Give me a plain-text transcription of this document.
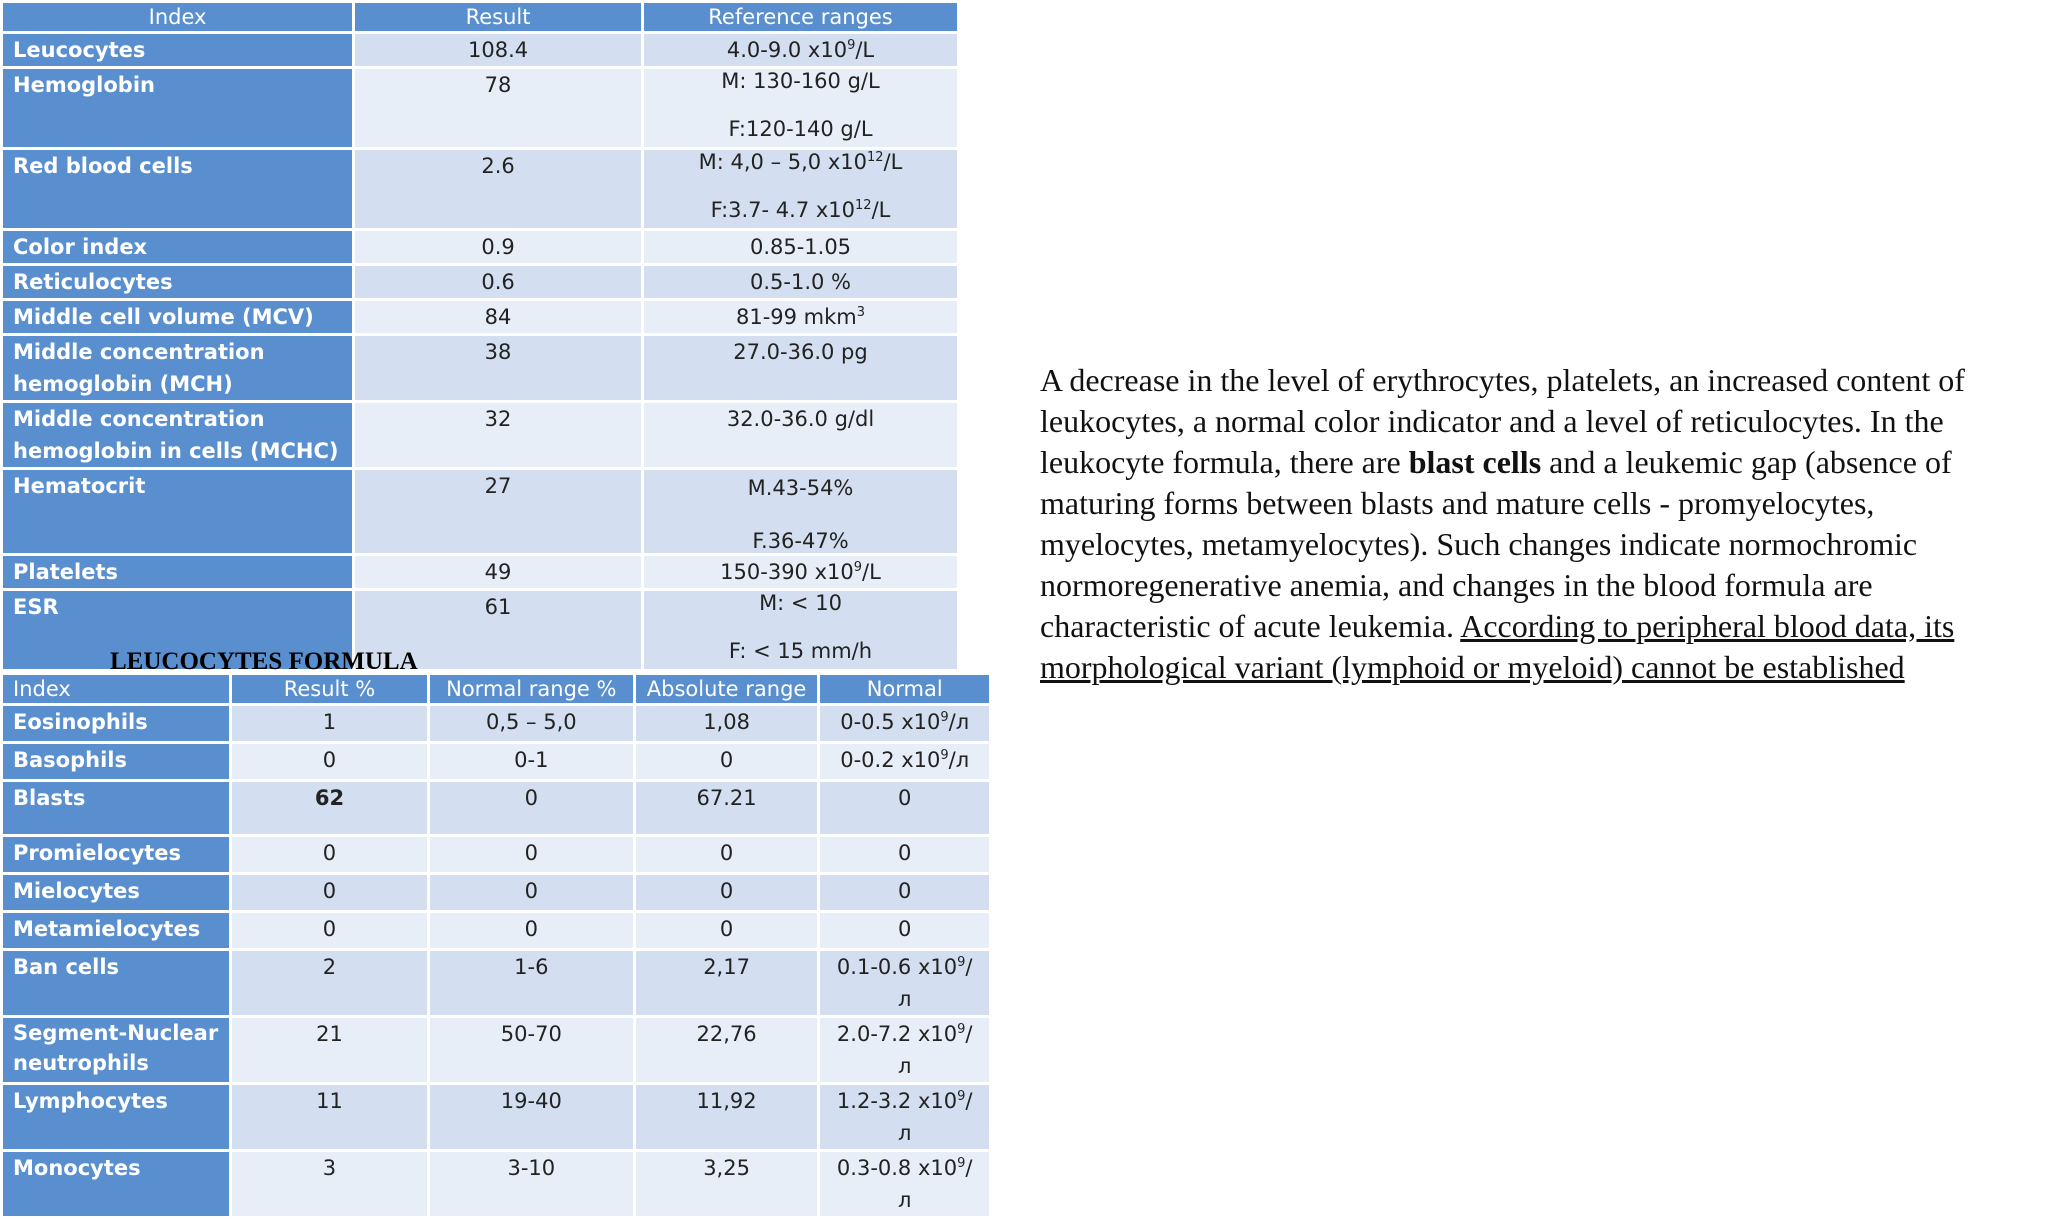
Index	Result	Reference ranges
Leucocytes	108.4	4.0-9.0 $x10^9/L$
Hemoglobin	78	M: 130-160 g/L
F:120-140 g/L

Red blood cells	2.6	M: 4,0 – 5,0 $x10^{12}/L$
F:3.7- 4.7 $x10^{12}/L$

Color index	0.9	0.85-1.05
Reticulocytes	0.6	0.5-1.0 %
Middle cell volume (MCV)	84	81-99 mkm$^3$

Middle concentration
hemoglobin (MCH)	38	27.0-36.0 pg

Middle concentration
hemoglobin in cells (MCHC)	32	32.0-36.0 g/dl
Hematocrit	27	M.43-54%
F.36-47%

Platelets	49	150-390 $x10^9/L$
ESR	61	M: < 10
F: < 15 mm/h
LEUCOCYTES FORMULA
Index	Result %	Normal range %	Absolute range	Normal
Eosinophils	1	0,5 – 5,0	1,08	0-0.5 $x10^9/л$
Basophils	0	0-1	0	0-0.2 $x10^9/л$
Blasts	62	0	67.21	0
Promielocytes	0	0	0	0
Mielocytes	0	0	0	0
Metamielocytes	0	0	0	0
Ban cells	2	1-6	2,17	0.1-0.6 $x10^9/л$

Segment-Nuclear
neutrophils	21	50-70	22,76	2.0-7.2 $x10^9/л$
Lymphocytes	11	19-40	11,92	1.2-3.2 $x10^9/л$
Monocytes	3	3-10	3,25	0.3-0.8 $x10^9/л$
A decrease in the level of erythrocytes, platelets, an increased content of leukocytes, a normal color indicator and a level of reticulocytes. In the leukocyte formula, there are blast cells and a leukemic gap (absence of maturing forms between blasts and mature cells - promyelocytes, myelocytes, metamyelocytes). Such changes indicate normochromic normoregenerative anemia, and changes in the blood formula are characteristic of acute leukemia. According to peripheral blood data, its morphological variant (lymphoid or myeloid) cannot be established
